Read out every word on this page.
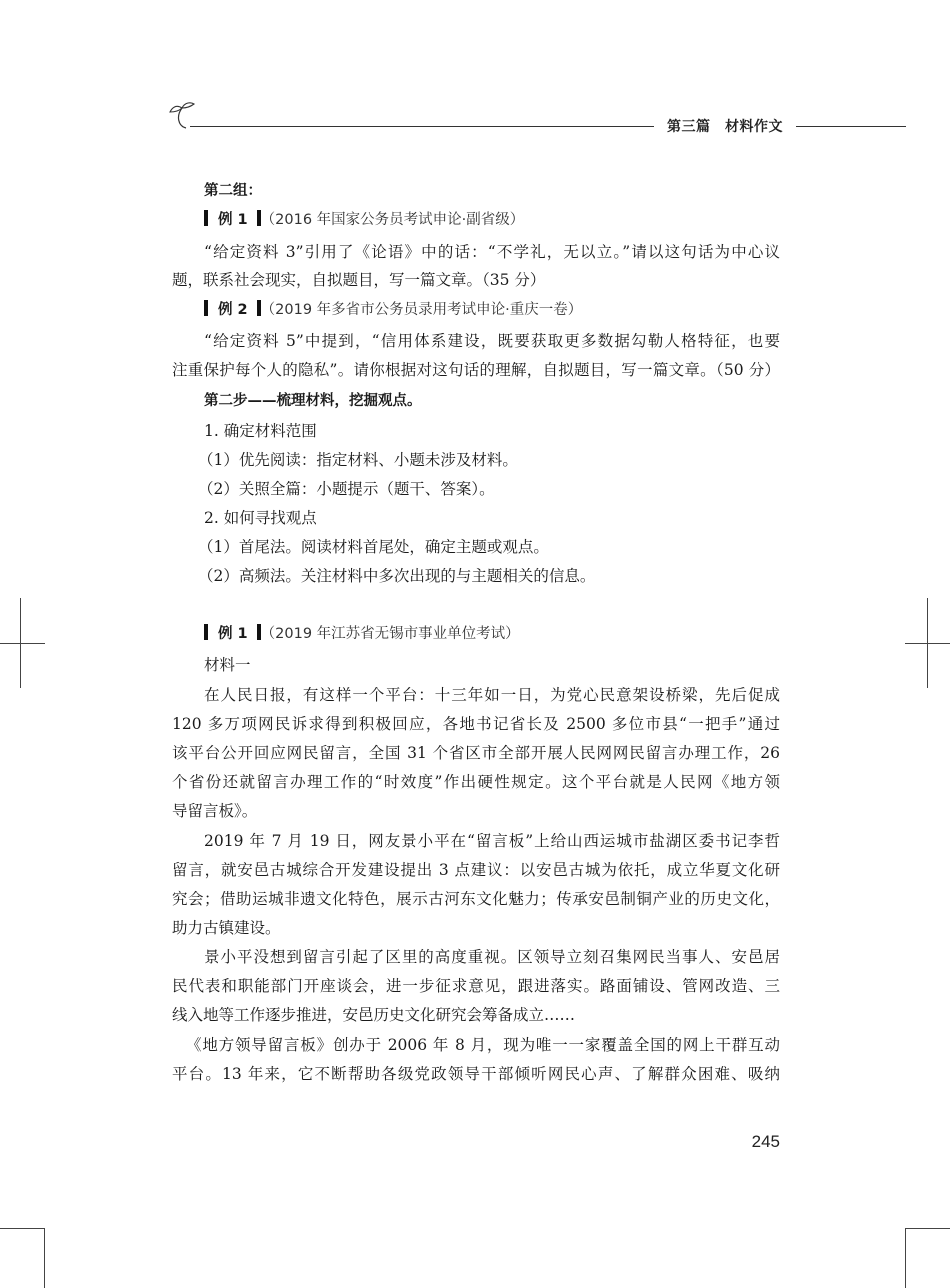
第三篇　材料作文
第二组：
例 1 （2016 年国家公务员考试申论·副省级）
“给定资料 3”引用了《论语》中的话：“不学礼，无以立。”请以这句话为中心议
题，联系社会现实，自拟题目，写一篇文章。（35 分）
例 2 （2019 年多省市公务员录用考试申论·重庆一卷）
“给定资料 5”中提到，“信用体系建设，既要获取更多数据勾勒人格特征，也要
注重保护每个人的隐私”。请你根据对这句话的理解，自拟题目，写一篇文章。（50 分）
第二步——梳理材料，挖掘观点。
1. 确定材料范围
（1）优先阅读：指定材料、小题未涉及材料。
（2）关照全篇：小题提示（题干、答案）。
2. 如何寻找观点
（1）首尾法。阅读材料首尾处，确定主题或观点。
（2）高频法。关注材料中多次出现的与主题相关的信息。
例 1 （2019 年江苏省无锡市事业单位考试）
材料一
在人民日报，有这样一个平台：十三年如一日，为党心民意架设桥梁，先后促成
120 多万项网民诉求得到积极回应，各地书记省长及 2500 多位市县“一把手”通过
该平台公开回应网民留言，全国 31 个省区市全部开展人民网网民留言办理工作，26
个省份还就留言办理工作的“时效度”作出硬性规定。这个平台就是人民网《地方领
导留言板》。
2019 年 7 月 19 日，网友景小平在“留言板”上给山西运城市盐湖区委书记李哲
留言，就安邑古城综合开发建设提出 3 点建议：以安邑古城为依托，成立华夏文化研
究会；借助运城非遗文化特色，展示古河东文化魅力；传承安邑制铜产业的历史文化，
助力古镇建设。
景小平没想到留言引起了区里的高度重视。区领导立刻召集网民当事人、安邑居
民代表和职能部门开座谈会，进一步征求意见，跟进落实。路面铺设、管网改造、三
线入地等工作逐步推进，安邑历史文化研究会筹备成立……
《地方领导留言板》创办于 2006 年 8 月，现为唯一一家覆盖全国的网上干群互动
平台。13 年来，它不断帮助各级党政领导干部倾听网民心声、了解群众困难、吸纳
245
